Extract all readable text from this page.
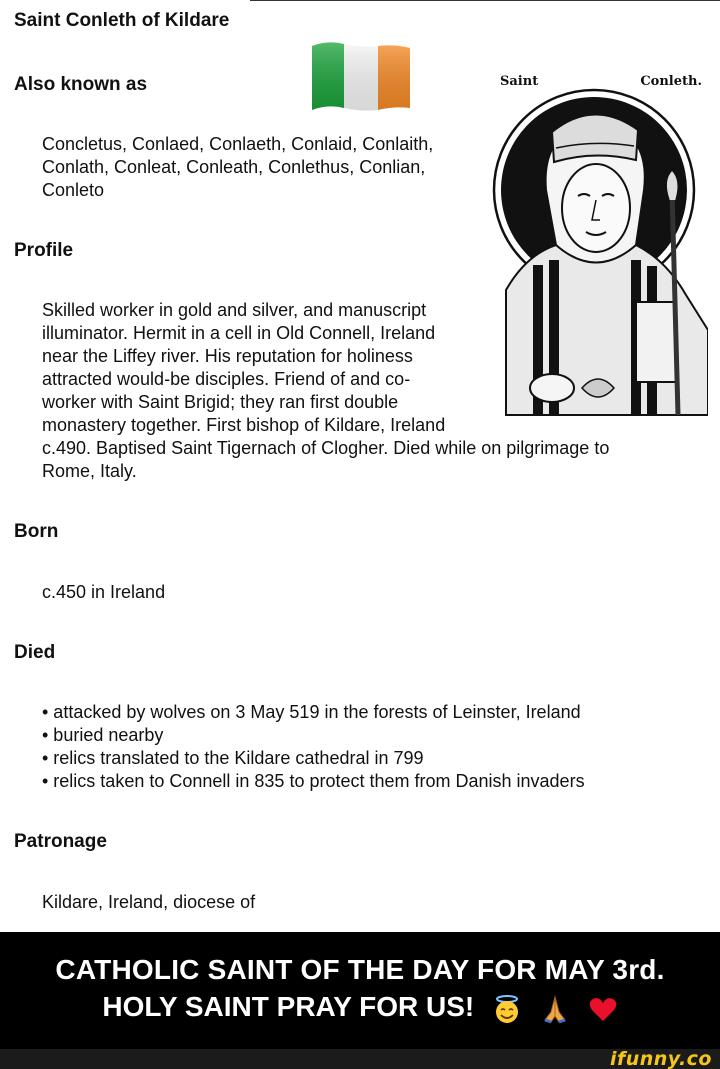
Saint Conleth of Kildare
Also known as
Concletus, Conlaed, Conlaeth, Conlaid, Conlaith,
Conlath, Conleat, Conleath, Conlethus, Conlian,
Conleto
Profile
Skilled worker in gold and silver, and manuscript
illuminator. Hermit in a cell in Old Connell, Ireland
near the Liffey river. His reputation for holiness
attracted would-be disciples. Friend of and co-
worker with Saint Brigid; they ran first double
monastery together. First bishop of Kildare, Ireland
c.490. Baptised Saint Tigernach of Clogher. Died while on pilgrimage to
Rome, Italy.
Born
c.450 in Ireland
Died
• attacked by wolves on 3 May 519 in the forests of Leinster, Ireland
• buried nearby
• relics translated to the Kildare cathedral in 799
• relics taken to Connell in 835 to protect them from Danish invaders
Patronage
Kildare, Ireland, diocese of
Saint	Conleth.
CATHOLIC SAINT OF THE DAY FOR MAY 3rd.
HOLY SAINT PRAY FOR US!
ifunny.co
